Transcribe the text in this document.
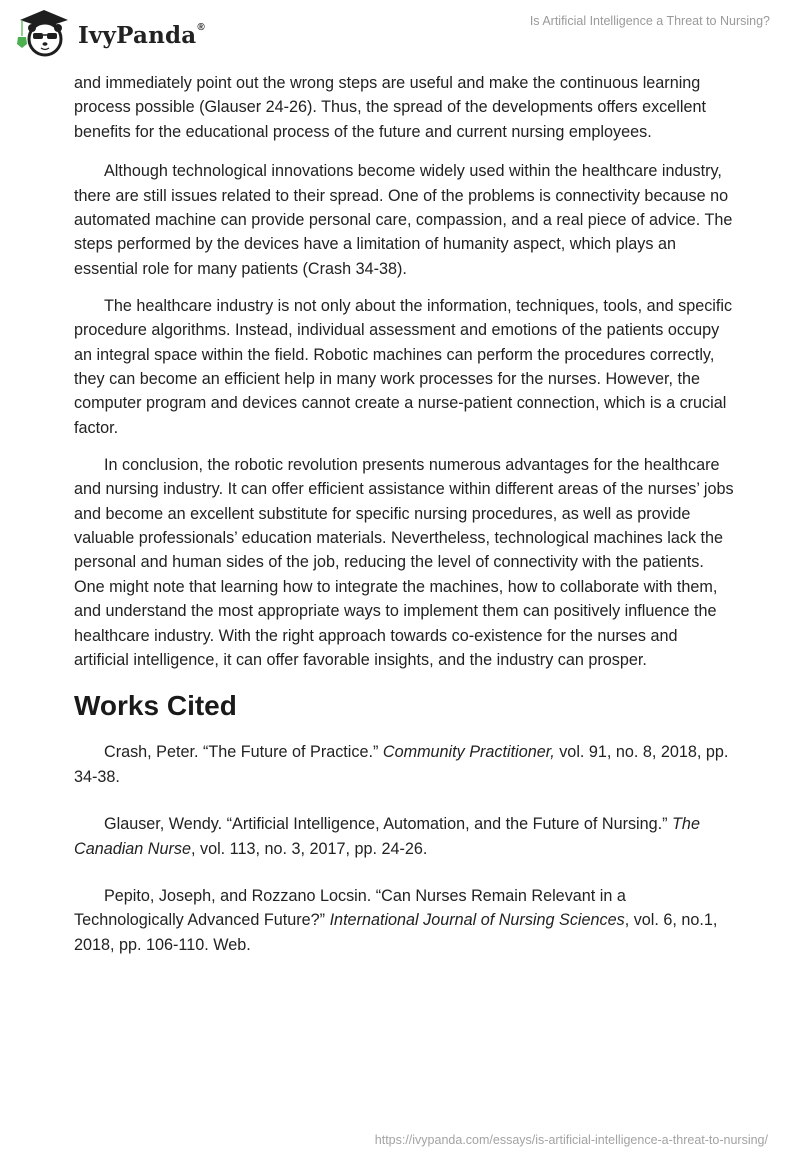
IvyPanda®	Is Artificial Intelligence a Threat to Nursing?

and immediately point out the wrong steps are useful and make the continuous learning process possible (Glauser 24-26). Thus, the spread of the developments offers excellent benefits for the educational process of the future and current nursing employees.

Although technological innovations become widely used within the healthcare industry, there are still issues related to their spread. One of the problems is connectivity because no automated machine can provide personal care, compassion, and a real piece of advice. The steps performed by the devices have a limitation of humanity aspect, which plays an essential role for many patients (Crash 34-38).

The healthcare industry is not only about the information, techniques, tools, and specific procedure algorithms. Instead, individual assessment and emotions of the patients occupy an integral space within the field. Robotic machines can perform the procedures correctly, they can become an efficient help in many work processes for the nurses. However, the computer program and devices cannot create a nurse-patient connection, which is a crucial factor.

In conclusion, the robotic revolution presents numerous advantages for the healthcare and nursing industry. It can offer efficient assistance within different areas of the nurses’ jobs and become an excellent substitute for specific nursing procedures, as well as provide valuable professionals’ education materials. Nevertheless, technological machines lack the personal and human sides of the job, reducing the level of connectivity with the patients. One might note that learning how to integrate the machines, how to collaborate with them, and understand the most appropriate ways to implement them can positively influence the healthcare industry. With the right approach towards co-existence for the nurses and artificial intelligence, it can offer favorable insights, and the industry can prosper.

Works Cited

Crash, Peter. “The Future of Practice.” Community Practitioner, vol. 91, no. 8, 2018, pp. 34-38.

Glauser, Wendy. “Artificial Intelligence, Automation, and the Future of Nursing.” The Canadian Nurse, vol. 113, no. 3, 2017, pp. 24-26.

Pepito, Joseph, and Rozzano Locsin. “Can Nurses Remain Relevant in a Technologically Advanced Future?” International Journal of Nursing Sciences, vol. 6, no.1, 2018, pp. 106-110. Web.

https://ivypanda.com/essays/is-artificial-intelligence-a-threat-to-nursing/
